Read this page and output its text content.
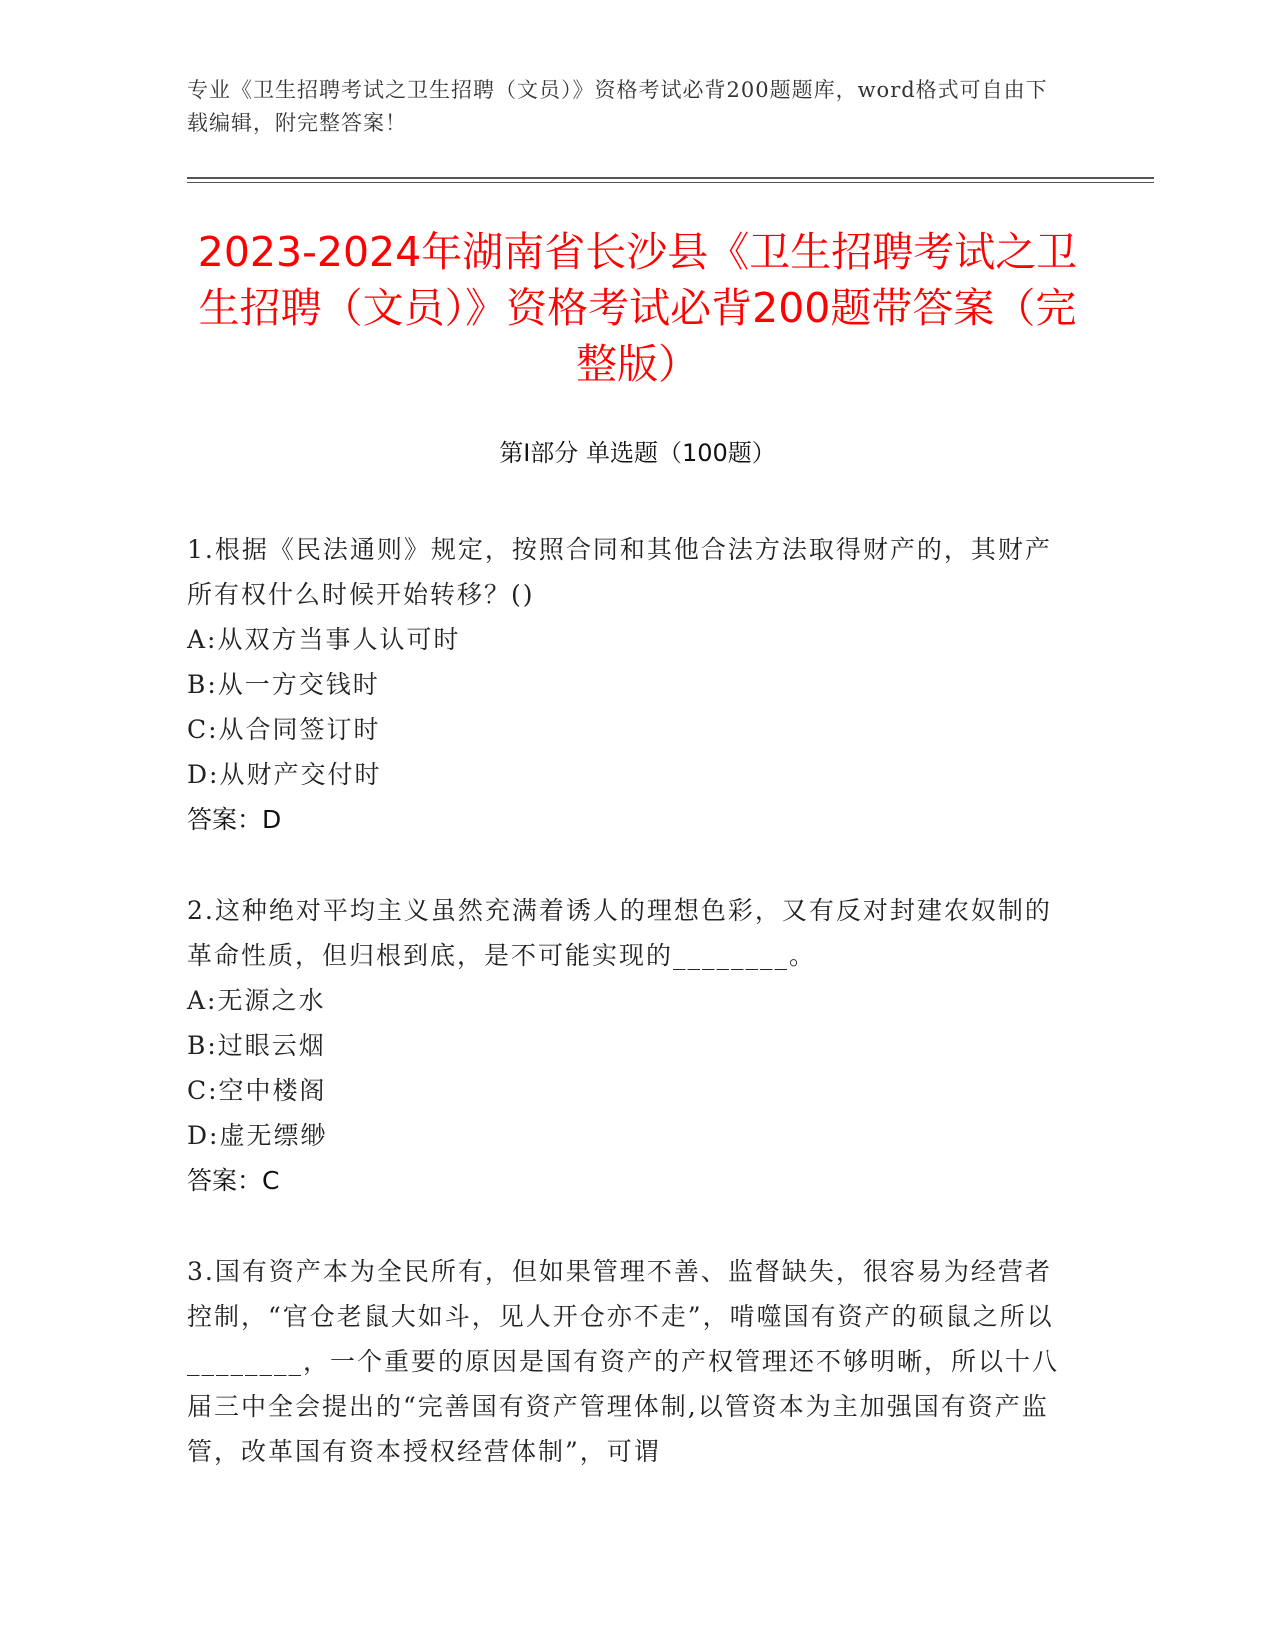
专业《卫生招聘考试之卫生招聘（文员）》资格考试必背200题题库，word格式可自由下载编辑，附完整答案！
2023-2024年湖南省长沙县《卫生招聘考试之卫生招聘（文员）》资格考试必背200题带答案（完整版）
第Ⅰ部分 单选题（100题）
1.根据《民法通则》规定，按照合同和其他合法方法取得财产的，其财产所有权什么时候开始转移？()
A:从双方当事人认可时
B:从一方交钱时
C:从合同签订时
D:从财产交付时
答案：D
2.这种绝对平均主义虽然充满着诱人的理想色彩，又有反对封建农奴制的革命性质，但归根到底，是不可能实现的________。
A:无源之水
B:过眼云烟
C:空中楼阁
D:虚无缥缈
答案：C
3.国有资产本为全民所有，但如果管理不善、监督缺失，很容易为经营者控制，“官仓老鼠大如斗，见人开仓亦不走”，啃噬国有资产的硕鼠之所以________，一个重要的原因是国有资产的产权管理还不够明晰，所以十八届三中全会提出的“完善国有资产管理体制,以管资本为主加强国有资产监管，改革国有资本授权经营体制”，可谓
